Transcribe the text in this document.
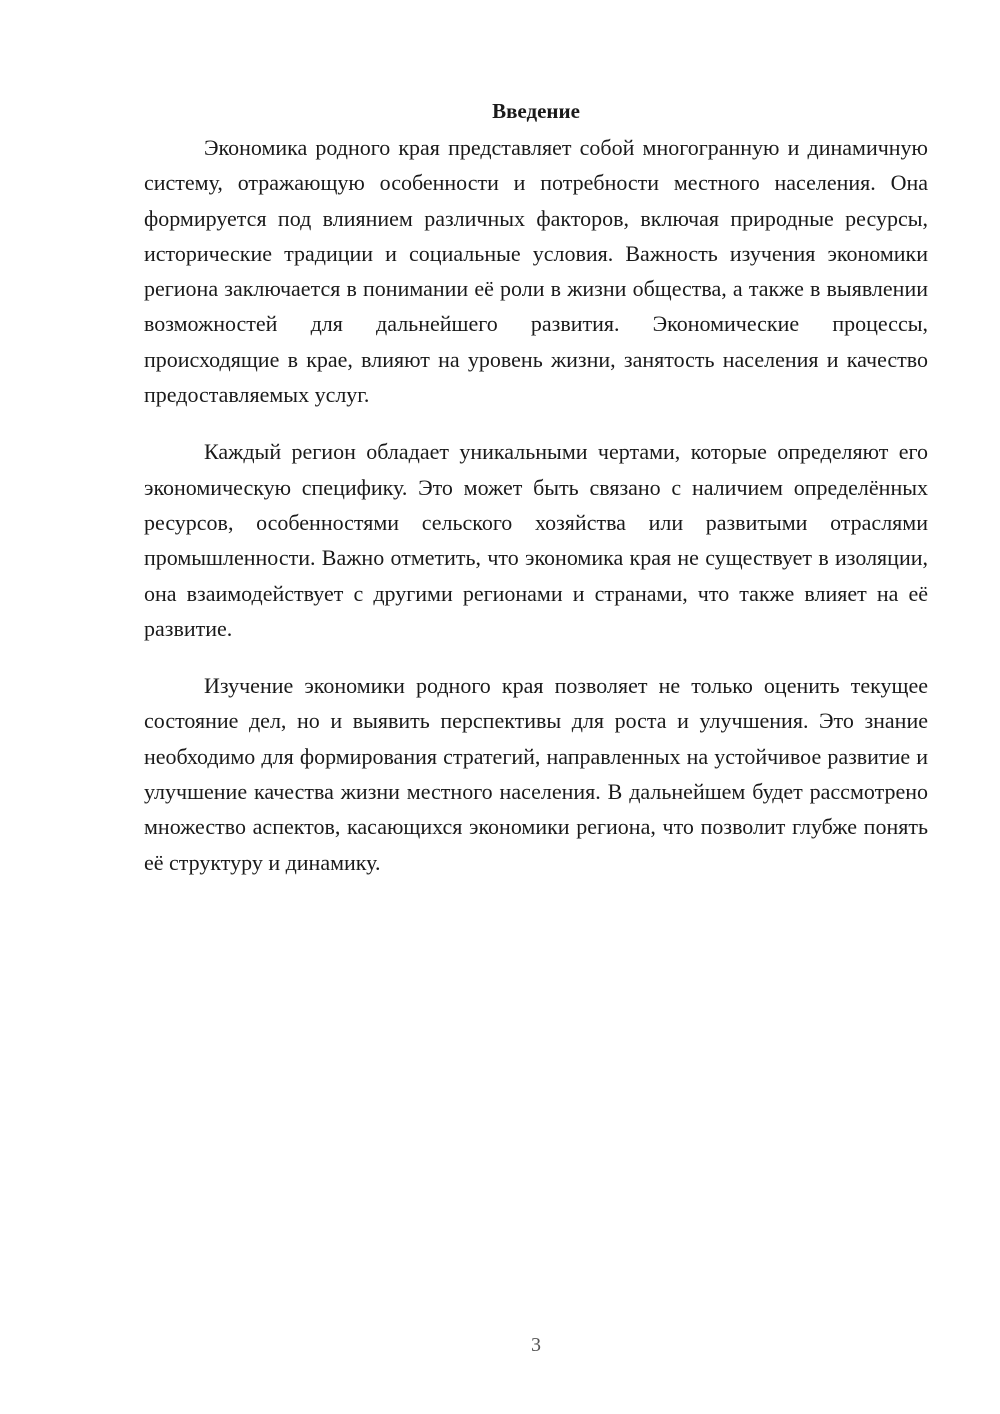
Введение

Экономика родного края представляет собой многогранную и динамичную систему, отражающую особенности и потребности местного населения. Она формируется под влиянием различных факторов, включая природные ресурсы, исторические традиции и социальные условия. Важность изучения экономики региона заключается в понимании её роли в жизни общества, а также в выявлении возможностей для дальнейшего развития. Экономические процессы, происходящие в крае, влияют на уровень жизни, занятость населения и качество предоставляемых услуг.

Каждый регион обладает уникальными чертами, которые определяют его экономическую специфику. Это может быть связано с наличием определённых ресурсов, особенностями сельского хозяйства или развитыми отраслями промышленности. Важно отметить, что экономика края не существует в изоляции, она взаимодействует с другими регионами и странами, что также влияет на её развитие.

Изучение экономики родного края позволяет не только оценить текущее состояние дел, но и выявить перспективы для роста и улучшения. Это знание необходимо для формирования стратегий, направленных на устойчивое развитие и улучшение качества жизни местного населения. В дальнейшем будет рассмотрено множество аспектов, касающихся экономики региона, что позволит глубже понять её структуру и динамику.

3
